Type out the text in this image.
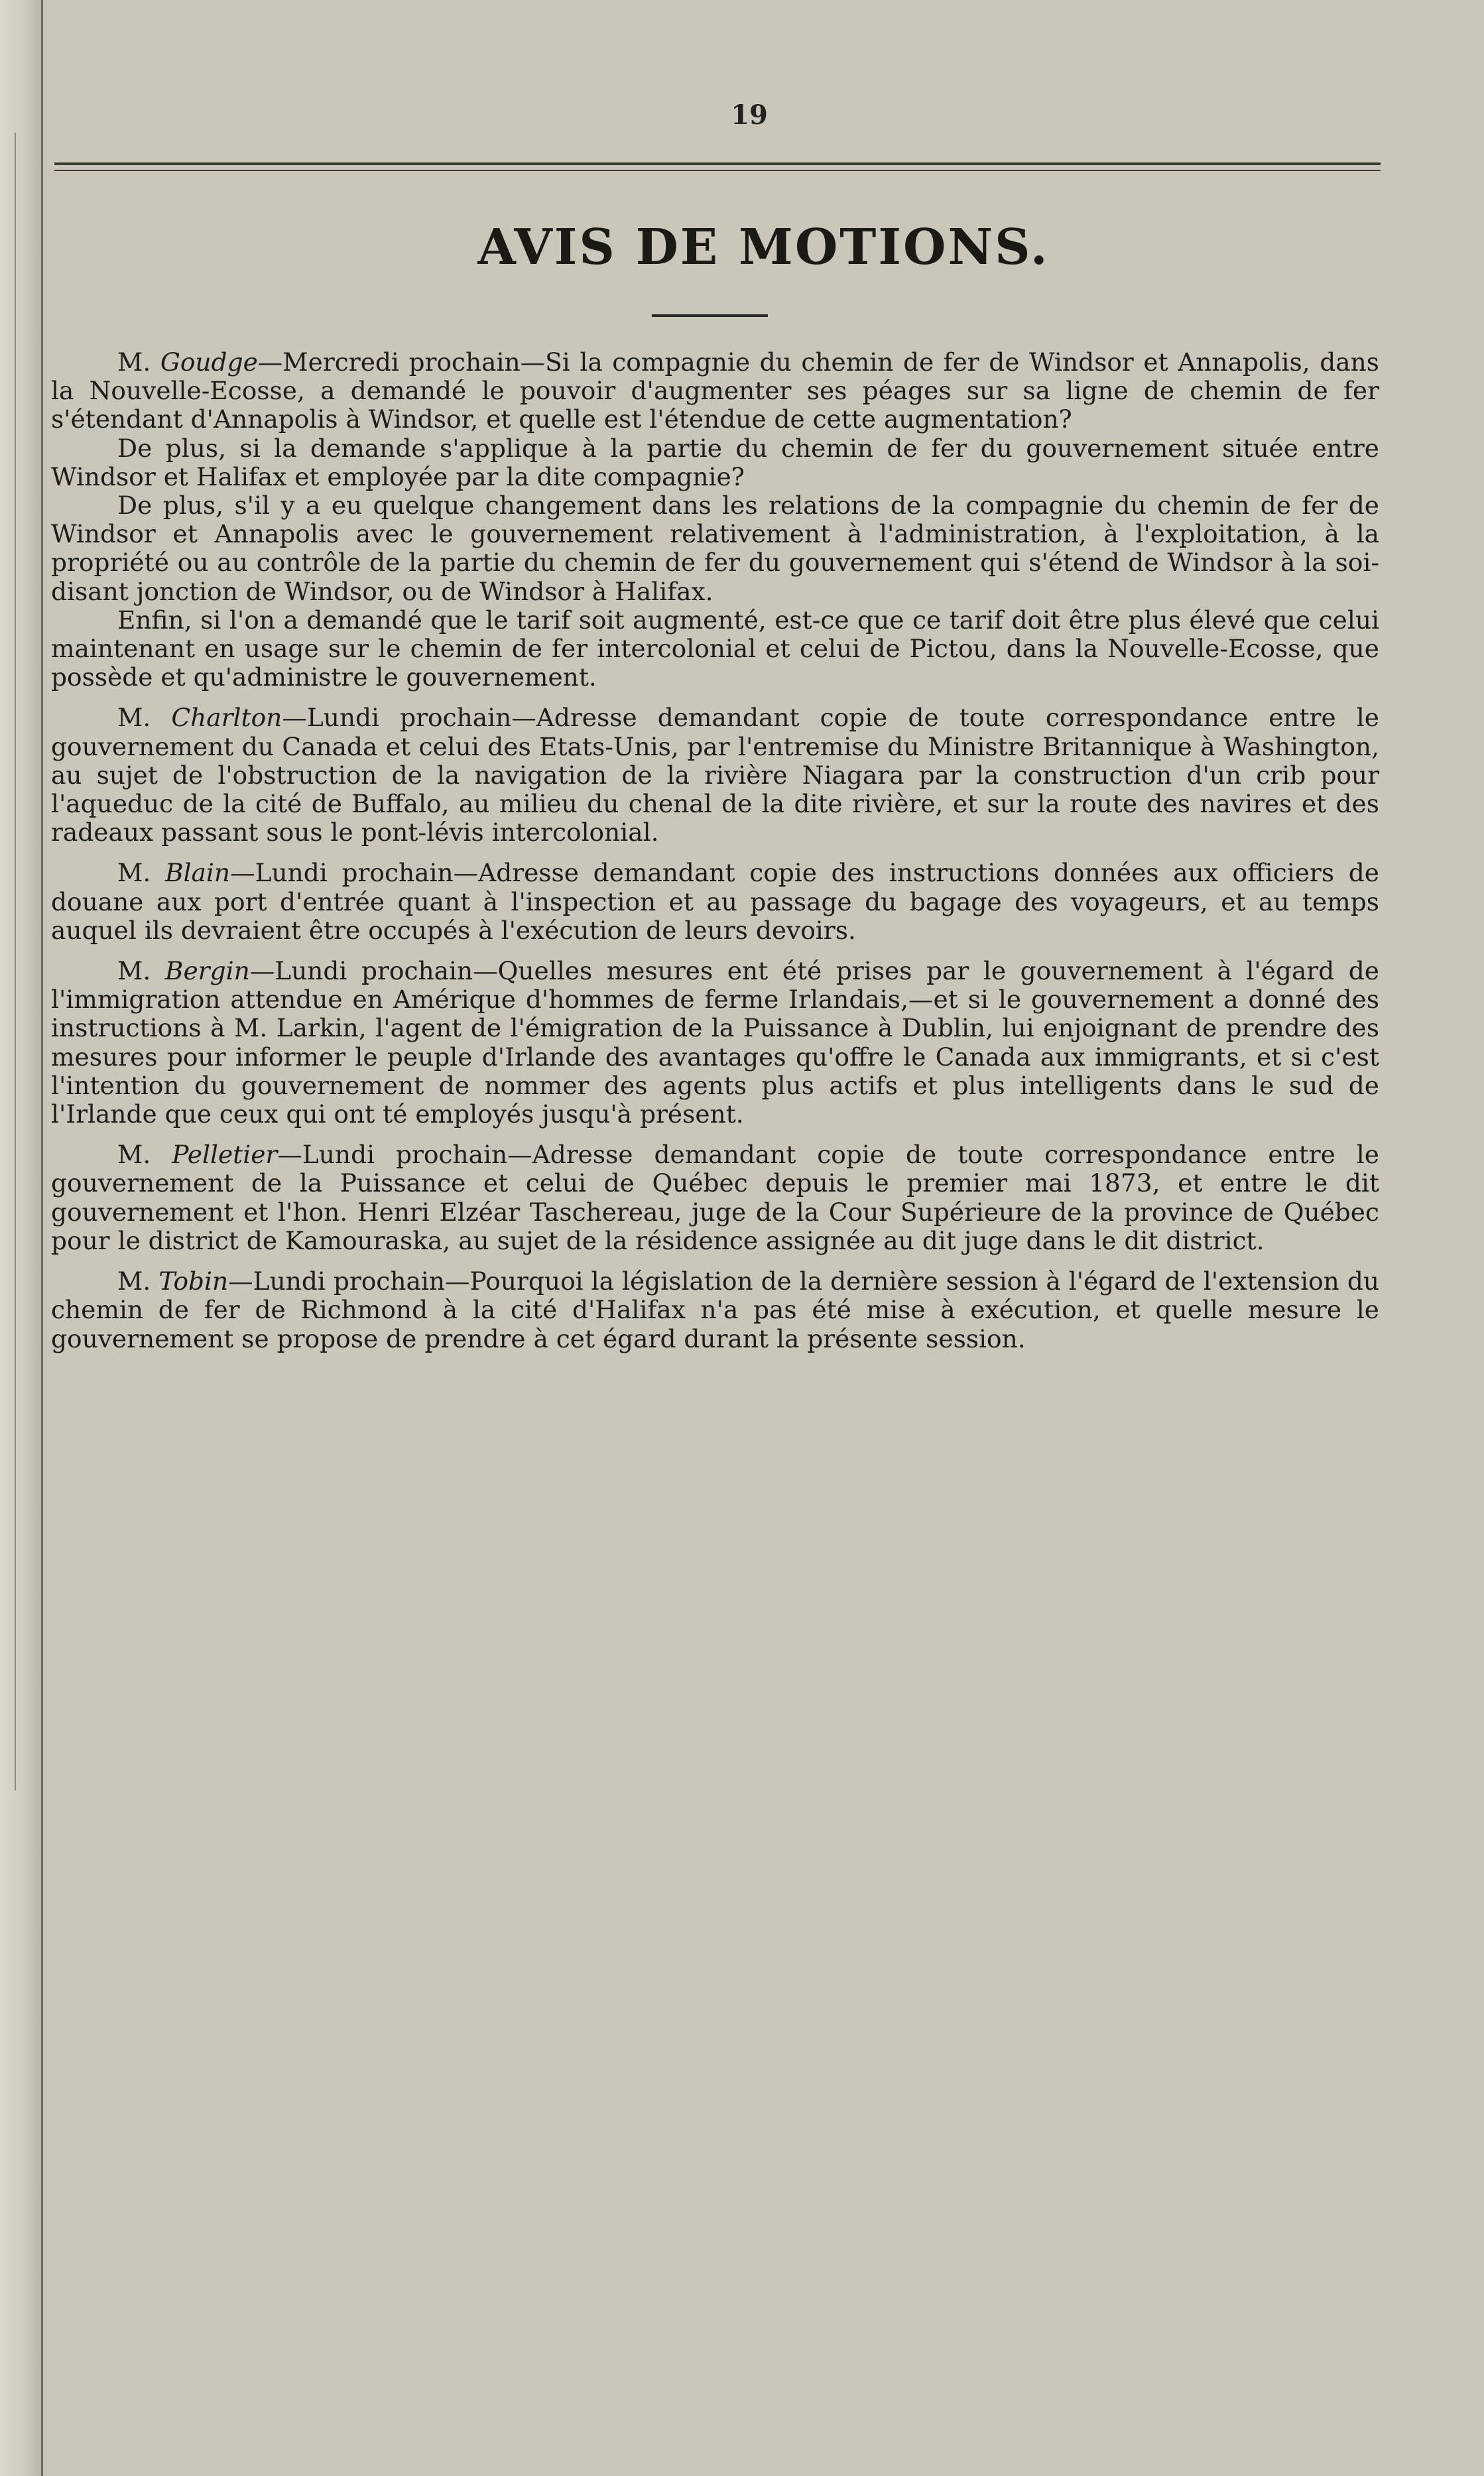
19
AVIS DE MOTIONS.

M. Goudge—Mercredi prochain—Si la compagnie du chemin de fer de Windsor et Annapolis, dans la Nouvelle-Ecosse, a demandé le pouvoir d'augmenter ses péages sur sa ligne de chemin de fer s'étendant d'Annapolis à Windsor, et quelle est l'étendue de cette augmentation?

De plus, si la demande s'applique à la partie du chemin de fer du gouvernement située entre Windsor et Halifax et employée par la dite compagnie?

De plus, s'il y a eu quelque changement dans les relations de la compagnie du chemin de fer de Windsor et Annapolis avec le gouvernement relativement à l'administration, à l'exploitation, à la propriété ou au contrôle de la partie du chemin de fer du gouvernement qui s'étend de Windsor à la soi-disant jonction de Windsor, ou de Windsor à Halifax.

Enfin, si l'on a demandé que le tarif soit augmenté, est-ce que ce tarif doit être plus élevé que celui maintenant en usage sur le chemin de fer intercolonial et celui de Pictou, dans la Nouvelle-Ecosse, que possède et qu'administre le gouvernement.

M. Charlton—Lundi prochain—Adresse demandant copie de toute correspondance entre le gouvernement du Canada et celui des Etats-Unis, par l'entremise du Ministre Britannique à Washington, au sujet de l'obstruction de la navigation de la rivière Niagara par la construction d'un crib pour l'aqueduc de la cité de Buffalo, au milieu du chenal de la dite rivière, et sur la route des navires et des radeaux passant sous le pont-lévis intercolonial.

M. Blain—Lundi prochain—Adresse demandant copie des instructions données aux officiers de douane aux port d'entrée quant à l'inspection et au passage du bagage des voyageurs, et au temps auquel ils devraient être occupés à l'exécution de leurs devoirs.

M. Bergin—Lundi prochain—Quelles mesures ent été prises par le gouvernement à l'égard de l'immigration attendue en Amérique d'hommes de ferme Irlandais,—et si le gouvernement a donné des instructions à M. Larkin, l'agent de l'émigration de la Puissance à Dublin, lui enjoignant de prendre des mesures pour informer le peuple d'Irlande des avantages qu'offre le Canada aux immigrants, et si c'est l'intention du gouvernement de nommer des agents plus actifs et plus intelligents dans le sud de l'Irlande que ceux qui ont té employés jusqu'à présent.

M. Pelletier—Lundi prochain—Adresse demandant copie de toute correspondance entre le gouvernement de la Puissance et celui de Québec depuis le premier mai 1873, et entre le dit gouvernement et l'hon. Henri Elzéar Taschereau, juge de la Cour Supérieure de la province de Québec pour le district de Kamouraska, au sujet de la résidence assignée au dit juge dans le dit district.

M. Tobin—Lundi prochain—Pourquoi la législation de la dernière session à l'égard de l'extension du chemin de fer de Richmond à la cité d'Halifax n'a pas été mise à exécution, et quelle mesure le gouvernement se propose de prendre à cet égard durant la présente session.
